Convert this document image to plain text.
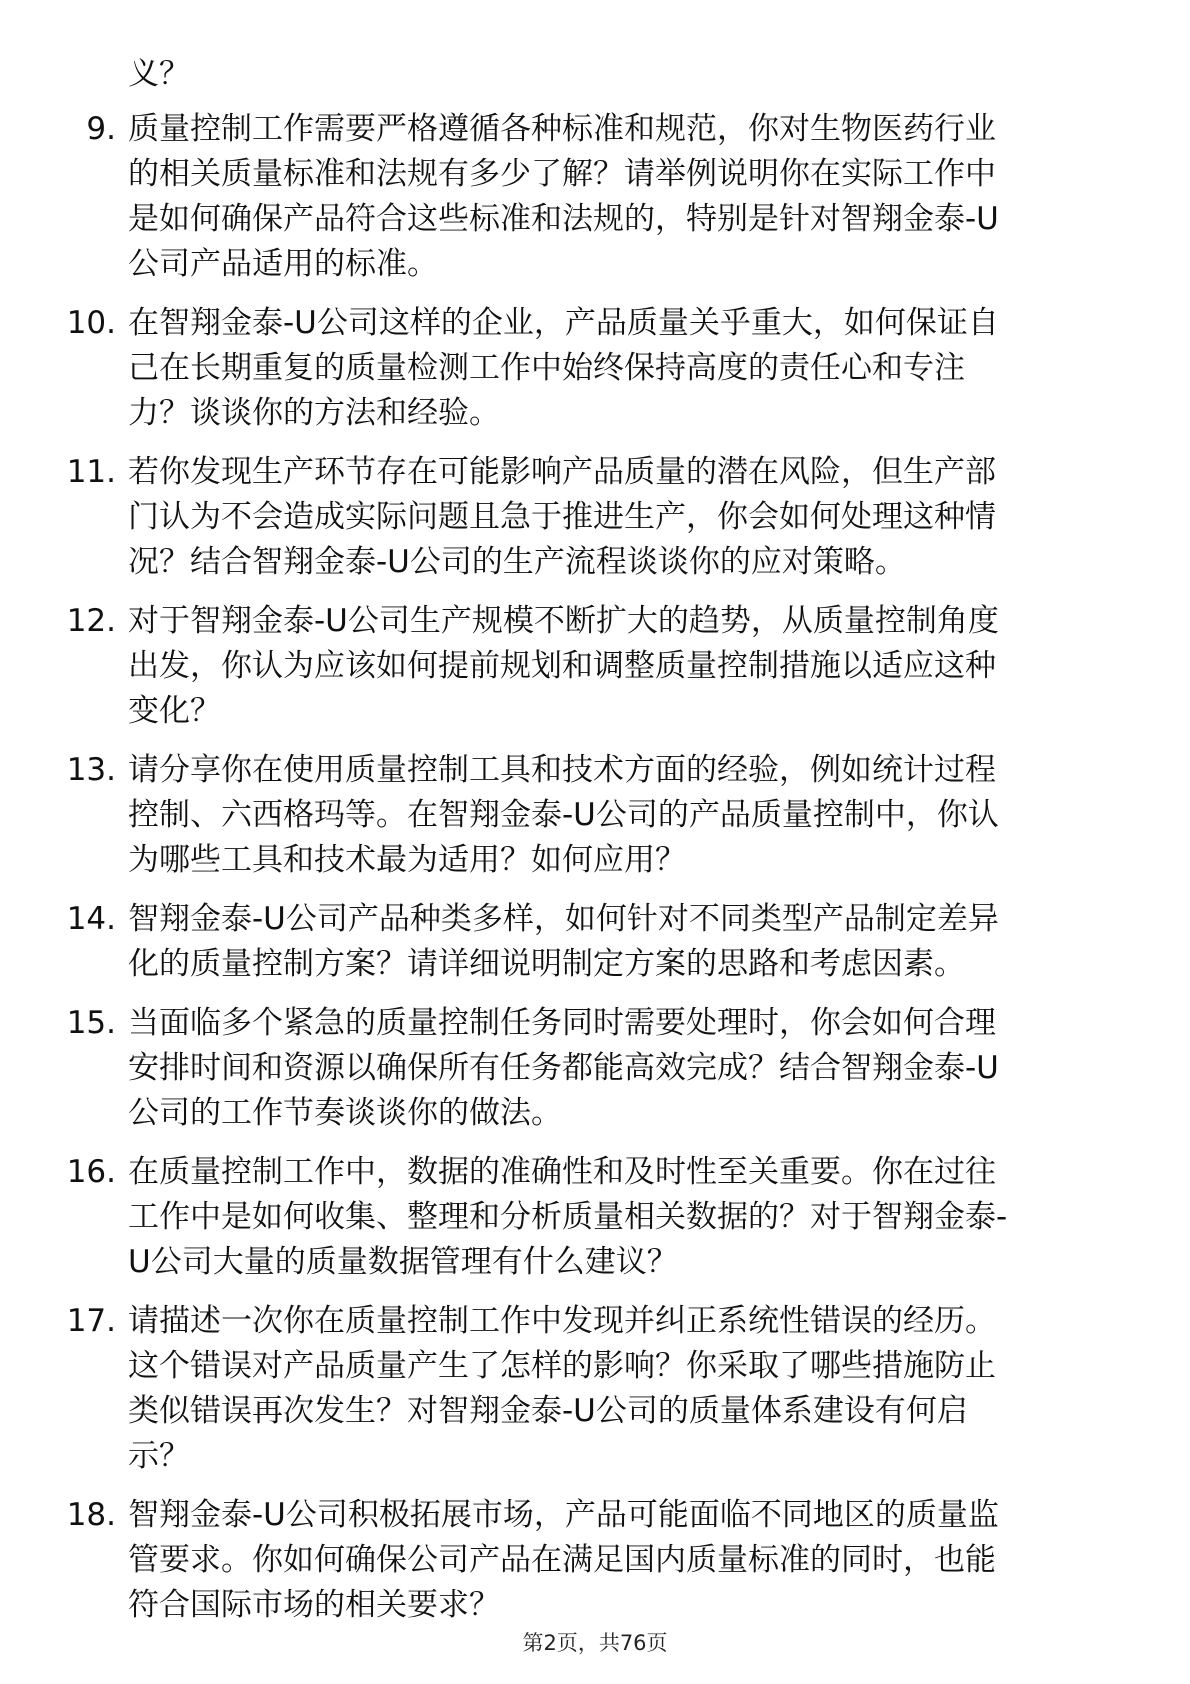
义？
9. 质量控制工作需要严格遵循各种标准和规范，你对生物医药行业
的相关质量标准和法规有多少了解？请举例说明你在实际工作中
是如何确保产品符合这些标准和法规的，特别是针对智翔金泰-U
公司产品适用的标准。
10. 在智翔金泰-U公司这样的企业，产品质量关乎重大，如何保证自
己在长期重复的质量检测工作中始终保持高度的责任心和专注
力？谈谈你的方法和经验。
11. 若你发现生产环节存在可能影响产品质量的潜在风险，但生产部
门认为不会造成实际问题且急于推进生产，你会如何处理这种情
况？结合智翔金泰-U公司的生产流程谈谈你的应对策略。
12. 对于智翔金泰-U公司生产规模不断扩大的趋势，从质量控制角度
出发，你认为应该如何提前规划和调整质量控制措施以适应这种
变化？
13. 请分享你在使用质量控制工具和技术方面的经验，例如统计过程
控制、六西格玛等。在智翔金泰-U公司的产品质量控制中，你认
为哪些工具和技术最为适用？如何应用？
14. 智翔金泰-U公司产品种类多样，如何针对不同类型产品制定差异
化的质量控制方案？请详细说明制定方案的思路和考虑因素。
15. 当面临多个紧急的质量控制任务同时需要处理时，你会如何合理
安排时间和资源以确保所有任务都能高效完成？结合智翔金泰-U
公司的工作节奏谈谈你的做法。
16. 在质量控制工作中，数据的准确性和及时性至关重要。你在过往
工作中是如何收集、整理和分析质量相关数据的？对于智翔金泰-
U公司大量的质量数据管理有什么建议？
17. 请描述一次你在质量控制工作中发现并纠正系统性错误的经历。
这个错误对产品质量产生了怎样的影响？你采取了哪些措施防止
类似错误再次发生？对智翔金泰-U公司的质量体系建设有何启
示？
18. 智翔金泰-U公司积极拓展市场，产品可能面临不同地区的质量监
管要求。你如何确保公司产品在满足国内质量标准的同时，也能
符合国际市场的相关要求？
第2页，共76页
